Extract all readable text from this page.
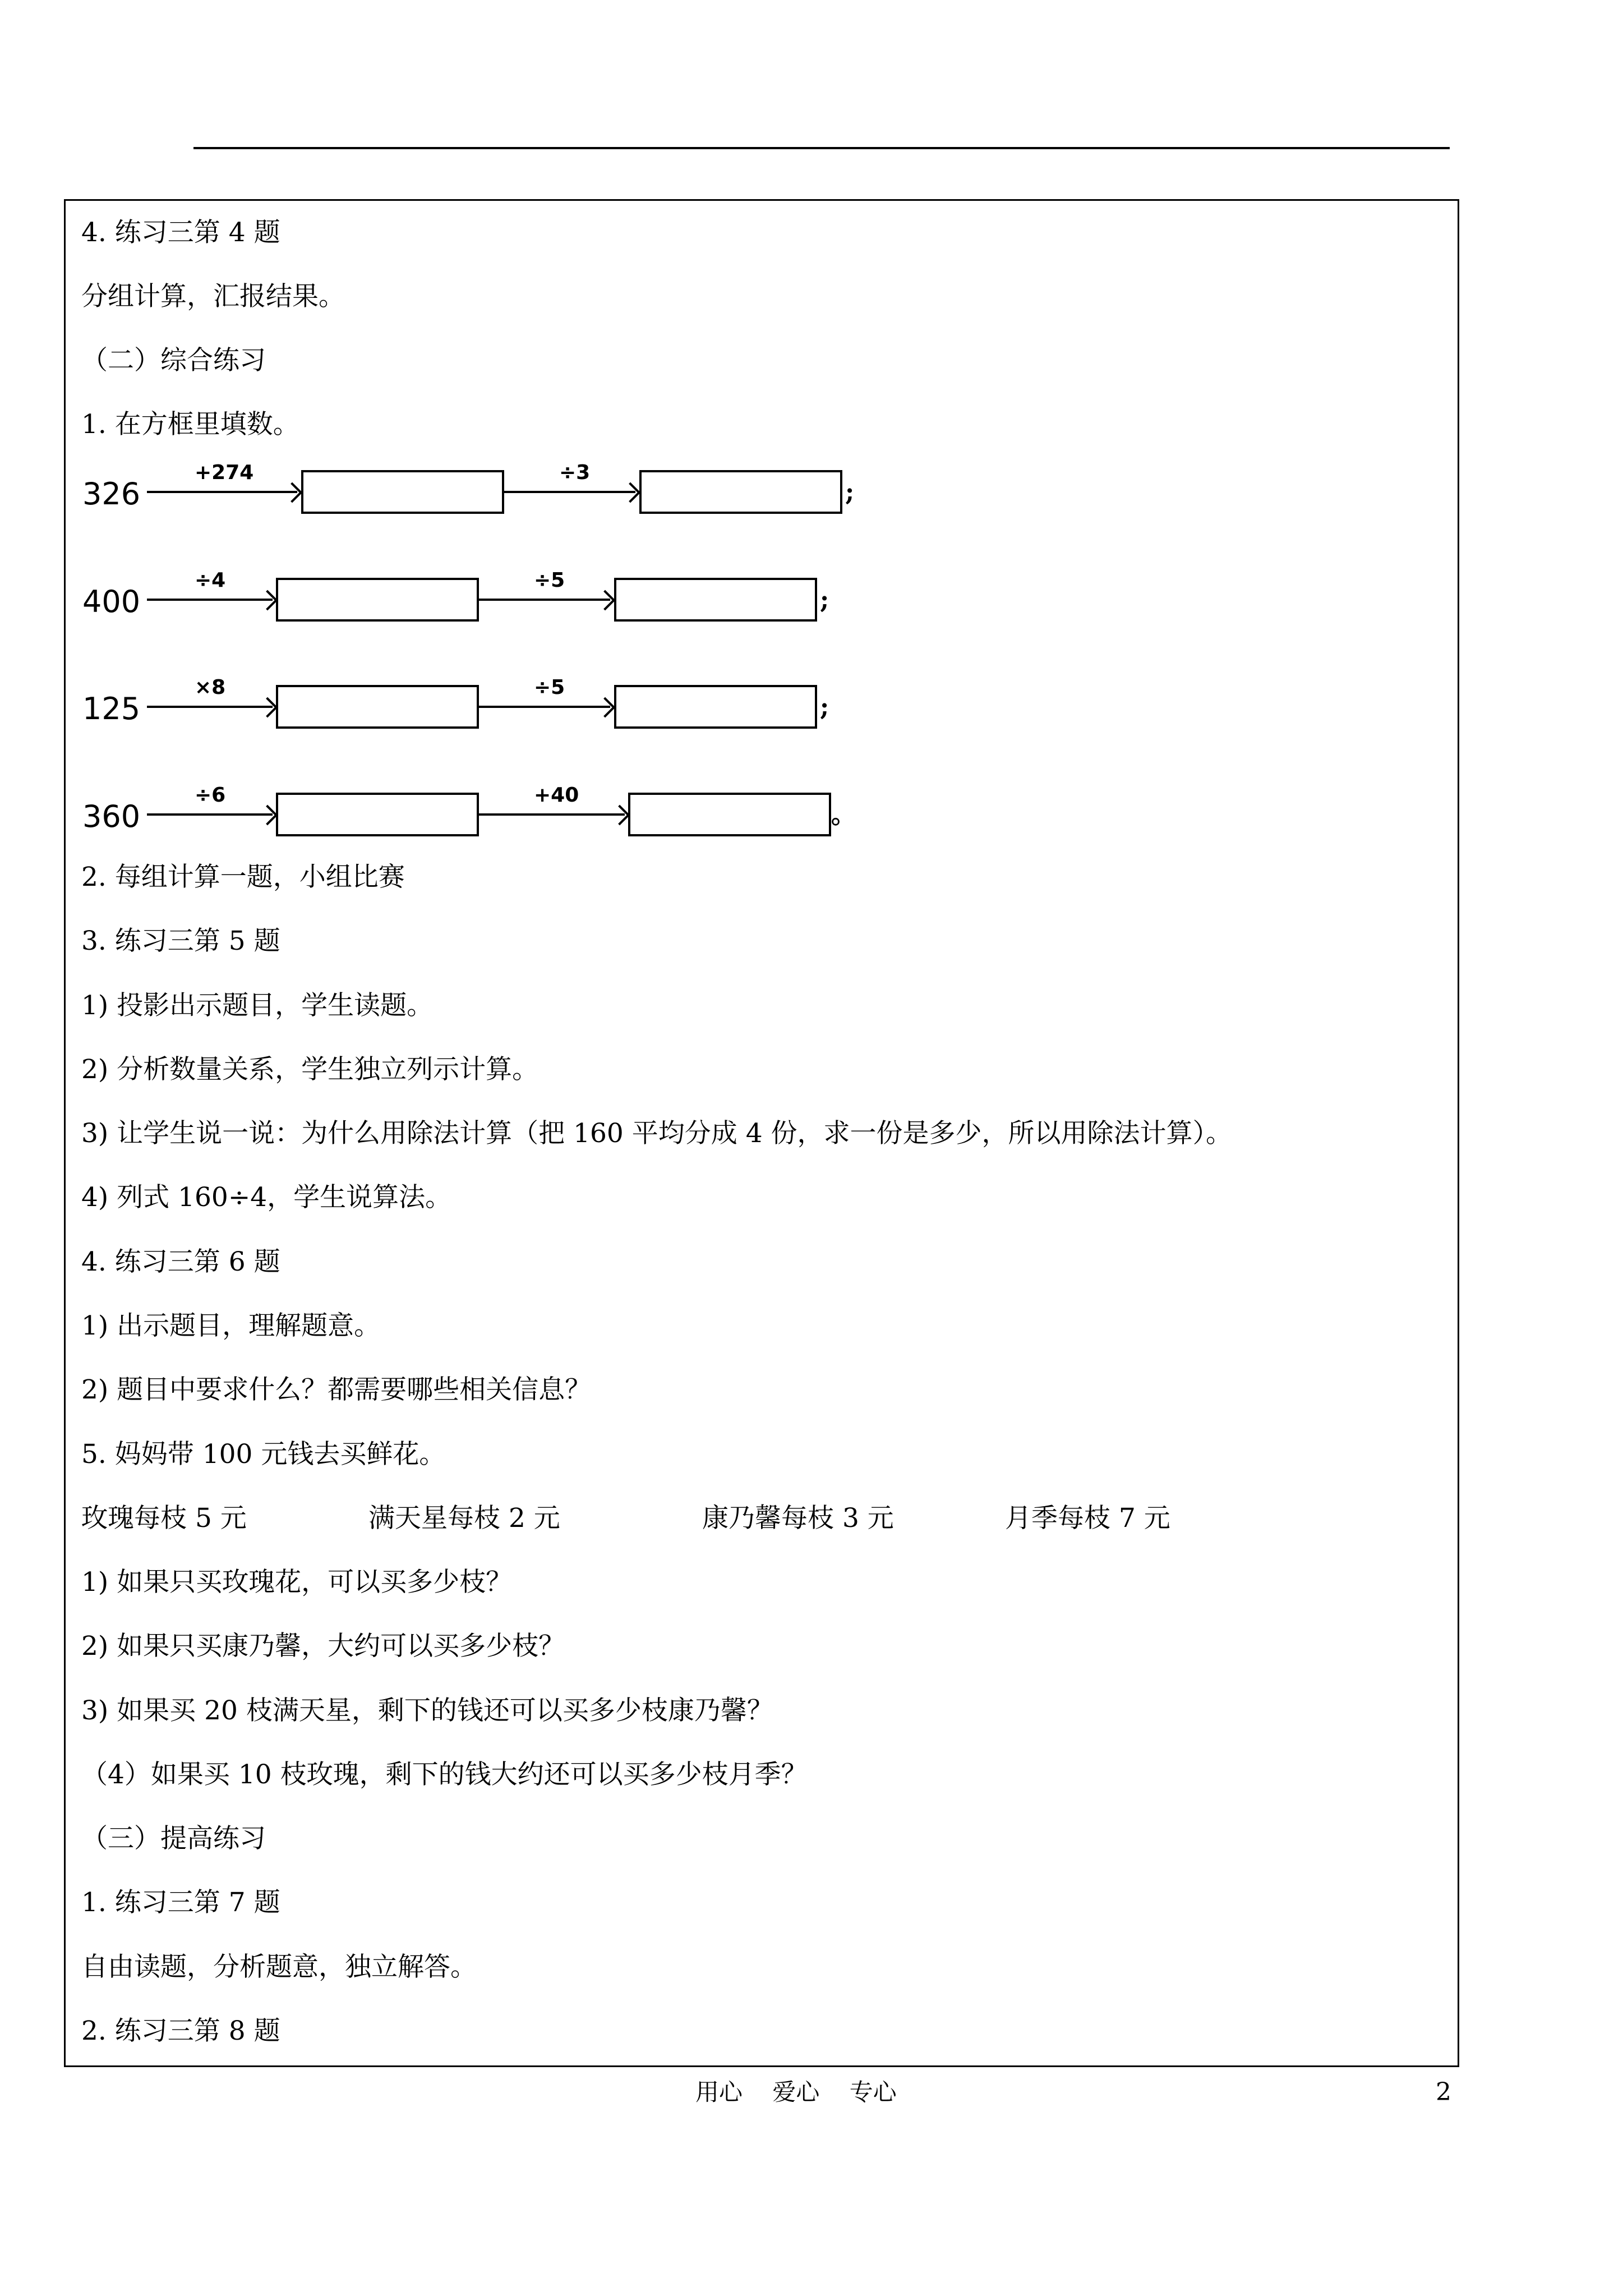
4. 练习三第 4 题
分组计算，汇报结果。
（二）综合练习
1. 在方框里填数。
326
+274	÷3
;
400
÷4	÷5
;
125
×8	÷5
;
360
÷6	+40
。
2. 每组计算一题，小组比赛
3. 练习三第 5 题
1) 投影出示题目，学生读题。
2) 分析数量关系，学生独立列示计算。
3) 让学生说一说：为什么用除法计算（把 160 平均分成 4 份，求一份是多少，所以用除法计算）。
4) 列式 160÷4，学生说算法。
4. 练习三第 6 题
1) 出示题目，理解题意。
2) 题目中要求什么？都需要哪些相关信息？
5. 妈妈带 100 元钱去买鲜花。
玫瑰每枝 5 元	满天星每枝 2 元	康乃馨每枝 3 元	月季每枝 7 元
1) 如果只买玫瑰花，可以买多少枝？
2) 如果只买康乃馨，大约可以买多少枝？
3) 如果买 20 枝满天星，剩下的钱还可以买多少枝康乃馨？
（4）如果买 10 枝玫瑰，剩下的钱大约还可以买多少枝月季？
（三）提高练习
1. 练习三第 7 题
自由读题，分析题意，独立解答。
2. 练习三第 8 题
用心 爱心 专心	2
